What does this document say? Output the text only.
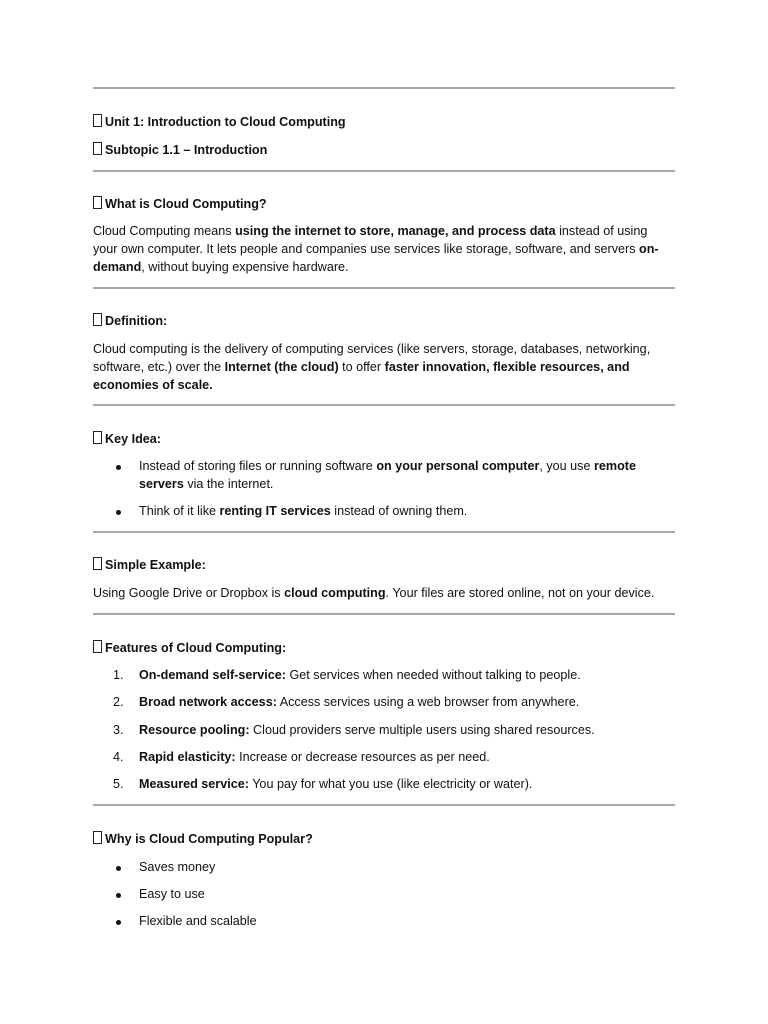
Unit 1: Introduction to Cloud Computing

Subtopic 1.1 – Introduction

What is Cloud Computing?

Cloud Computing means using the internet to store, manage, and process data instead of using your own computer. It lets people and companies use services like storage, software, and servers on-demand, without buying expensive hardware.

Definition:

Cloud computing is the delivery of computing services (like servers, storage, databases, networking, software, etc.) over the Internet (the cloud) to offer faster innovation, flexible resources, and economies of scale.

Key Idea:

Instead of storing files or running software on your personal computer, you use remote servers via the internet.
Think of it like renting IT services instead of owning them.

Simple Example:

Using Google Drive or Dropbox is cloud computing. Your files are stored online, not on your device.

Features of Cloud Computing:

1.	On-demand self-service: Get services when needed without talking to people.
2.	Broad network access: Access services using a web browser from anywhere.
3.	Resource pooling: Cloud providers serve multiple users using shared resources.
4.	Rapid elasticity: Increase or decrease resources as per need.
5.	Measured service: You pay for what you use (like electricity or water).

Why is Cloud Computing Popular?

Saves money
Easy to use
Flexible and scalable
